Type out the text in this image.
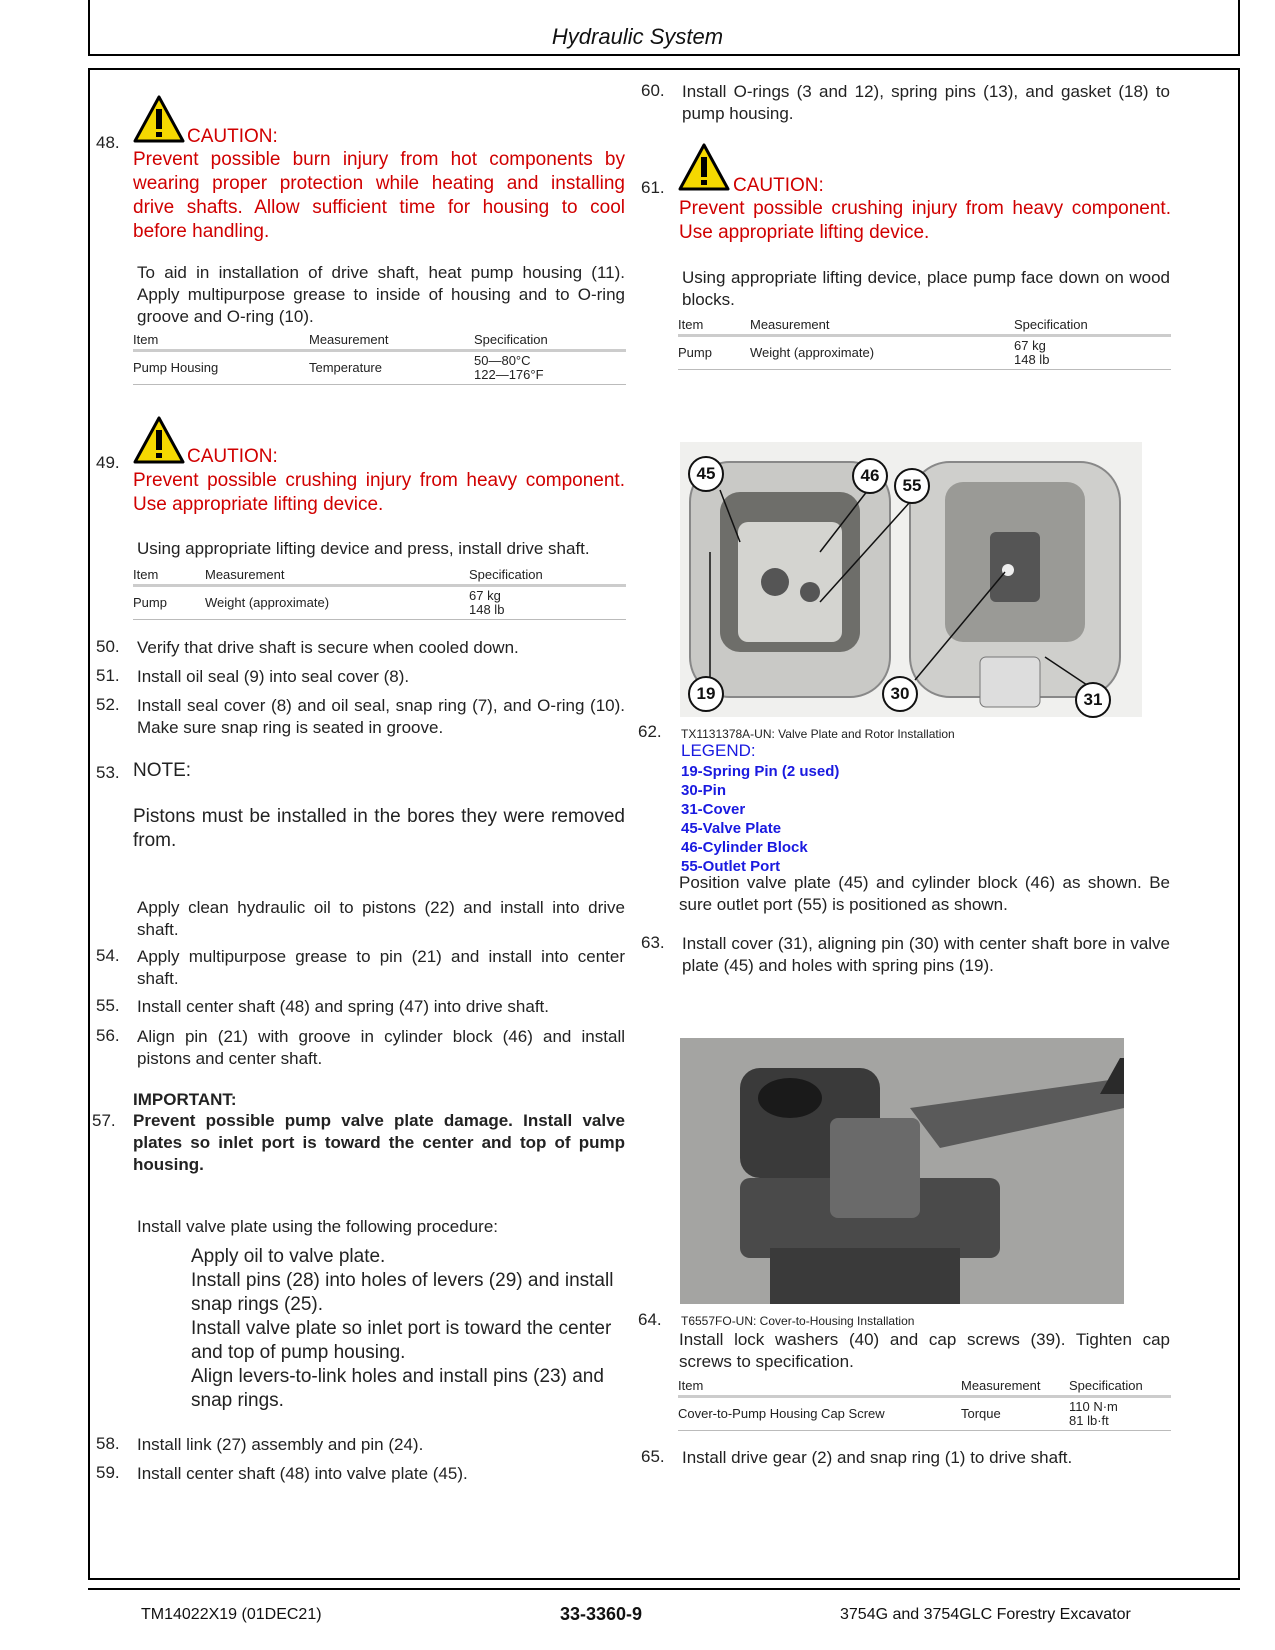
Hydraulic System
48.	CAUTION:
Prevent possible burn injury from hot components by wearing proper protection while heating and installing drive shafts. Allow sufficient time for housing to cool before handling.
To aid in installation of drive shaft, heat pump housing (11). Apply multipurpose grease to inside of housing and to O-ring groove and O-ring (10).
Item	Measurement	Specification
Pump Housing	Temperature	50—80°C
122—176°F
49.	CAUTION:
Prevent possible crushing injury from heavy component. Use appropriate lifting device.
Using appropriate lifting device and press, install drive shaft.
Item	Measurement	Specification
Pump	Weight (approximate)	67 kg
148 lb
50. Verify that drive shaft is secure when cooled down.
51. Install oil seal (9) into seal cover (8).
52. Install seal cover (8) and oil seal, snap ring (7), and O-ring (10). Make sure snap ring is seated in groove.
53. NOTE:
Pistons must be installed in the bores they were removed from.
Apply clean hydraulic oil to pistons (22) and install into drive shaft.
54. Apply multipurpose grease to pin (21) and install into center shaft.
55. Install center shaft (48) and spring (47) into drive shaft.
56. Align pin (21) with groove in cylinder block (46) and install pistons and center shaft.
IMPORTANT:
57. Prevent possible pump valve plate damage. Install valve plates so inlet port is toward the center and top of pump housing.
Install valve plate using the following procedure:
Apply oil to valve plate.
Install pins (28) into holes of levers (29) and install snap rings (25).
Install valve plate so inlet port is toward the center and top of pump housing.
Align levers-to-link holes and install pins (23) and snap rings.
58. Install link (27) assembly and pin (24).
59. Install center shaft (48) into valve plate (45).
60. Install O-rings (3 and 12), spring pins (13), and gasket (18) to pump housing.
61.	CAUTION:
Prevent possible crushing injury from heavy component. Use appropriate lifting device.
Using appropriate lifting device, place pump face down on wood blocks.
Item	Measurement	Specification
Pump	Weight (approximate)	67 kg
148 lb
45	46
55
19	30	31
62. TX1131378A-UN: Valve Plate and Rotor Installation
LEGEND:
19-Spring Pin (2 used)
30-Pin
31-Cover
45-Valve Plate
46-Cylinder Block
55-Outlet Port
Position valve plate (45) and cylinder block (46) as shown. Be sure outlet port (55) is positioned as shown.
63. Install cover (31), aligning pin (30) with center shaft bore in valve plate (45) and holes with spring pins (19).
64. T6557FO-UN: Cover-to-Housing Installation
Install lock washers (40) and cap screws (39). Tighten cap screws to specification.
Item	Measurement	Specification
Cover-to-Pump Housing Cap Screw	Torque	110 N·m
81 lb·ft
65. Install drive gear (2) and snap ring (1) to drive shaft.
TM14022X19 (01DEC21)	33-3360-9	3754G and 3754GLC Forestry Excavator
